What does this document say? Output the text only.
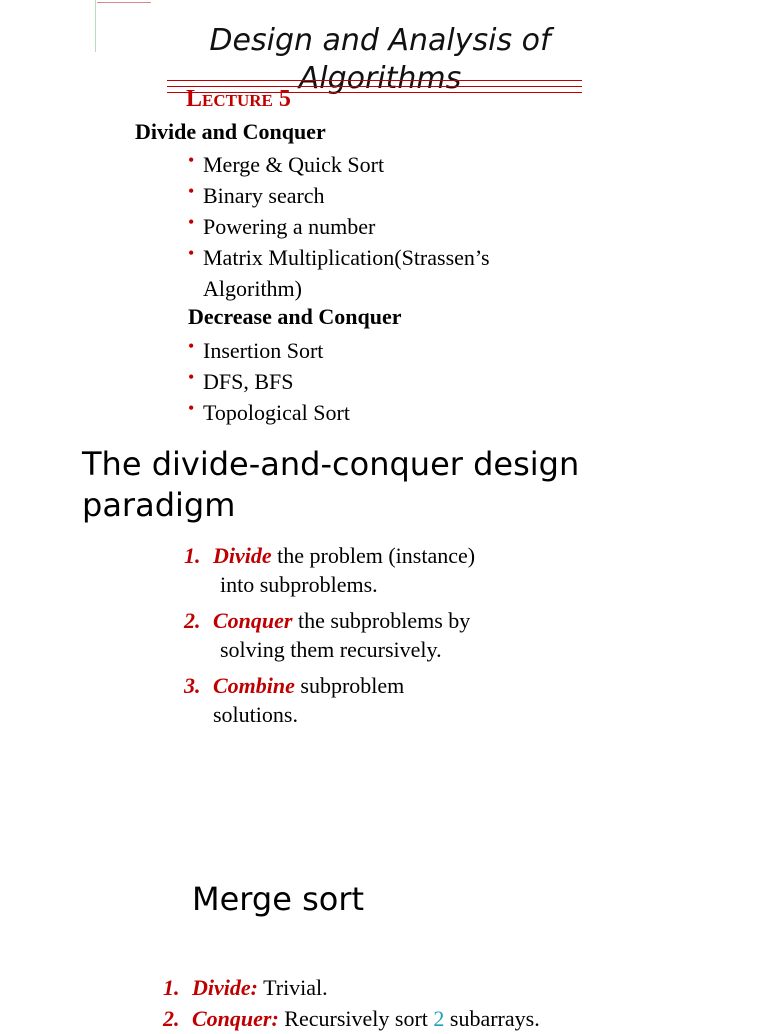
Design and Analysis of Algorithms
Lecture 5
Divide and Conquer
• Merge & Quick Sort
• Binary search
• Powering a number
• Matrix Multiplication(Strassen’s
Algorithm)
Decrease and Conquer
• Insertion Sort
• DFS, BFS
• Topological Sort
The divide-and-conquer design paradigm
1. Divide the problem (instance)
into subproblems.
2. Conquer the subproblems by
solving them recursively.
3. Combine subproblem
solutions.
Merge sort
1. Divide: Trivial.
2. Conquer: Recursively sort 2 subarrays.
